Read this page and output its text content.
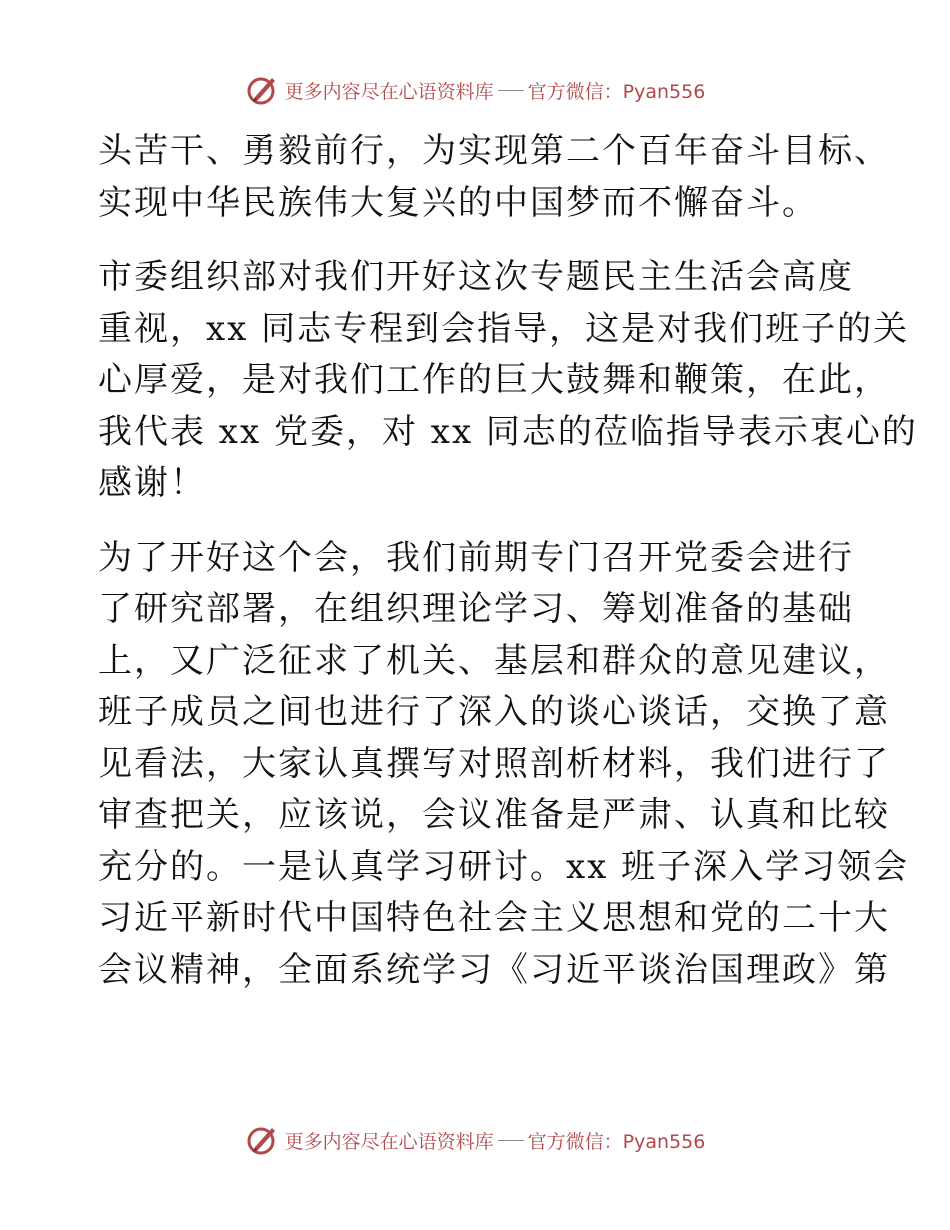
更多内容尽在心语资料库 官方微信：Pyan556
头苦干、勇毅前行，为实现第二个百年奋斗目标、
实现中华民族伟大复兴的中国梦而不懈奋斗。
市委组织部对我们开好这次专题民主生活会高度
重视，xx 同志专程到会指导，这是对我们班子的关
心厚爱，是对我们工作的巨大鼓舞和鞭策，在此，
我代表 xx 党委，对 xx 同志的莅临指导表示衷心的
感谢！
为了开好这个会，我们前期专门召开党委会进行
了研究部署，在组织理论学习、筹划准备的基础
上，又广泛征求了机关、基层和群众的意见建议，
班子成员之间也进行了深入的谈心谈话，交换了意
见看法，大家认真撰写对照剖析材料，我们进行了
审查把关，应该说，会议准备是严肃、认真和比较
充分的。一是认真学习研讨。xx 班子深入学习领会
习近平新时代中国特色社会主义思想和党的二十大
会议精神，全面系统学习《习近平谈治国理政》第
更多内容尽在心语资料库 官方微信：Pyan556
